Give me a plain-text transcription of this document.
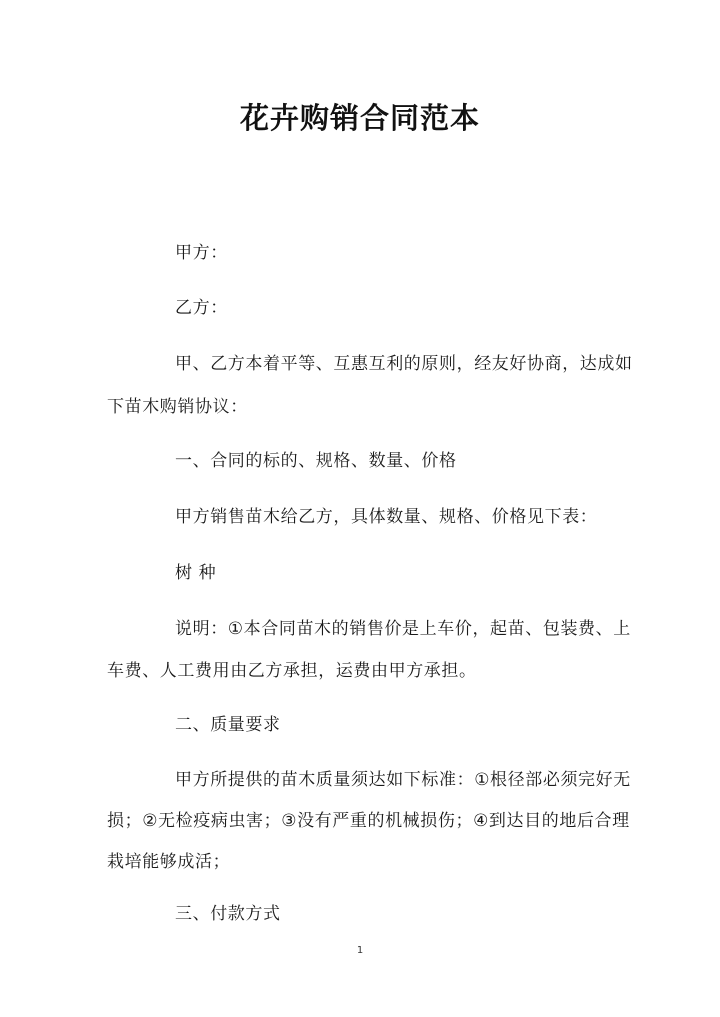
花卉购销合同范本
甲方：
乙方：
甲、乙方本着平等、互惠互利的原则，经友好协商，达成如
下苗木购销协议：
一、合同的标的、规格、数量、价格
甲方销售苗木给乙方，具体数量、规格、价格见下表：
树 种
说明：①本合同苗木的销售价是上车价，起苗、包装费、上
车费、人工费用由乙方承担，运费由甲方承担。
二、质量要求
甲方所提供的苗木质量须达如下标准：①根径部必须完好无
损；②无检疫病虫害；③没有严重的机械损伤；④到达目的地后合理
栽培能够成活；
三、付款方式
1
